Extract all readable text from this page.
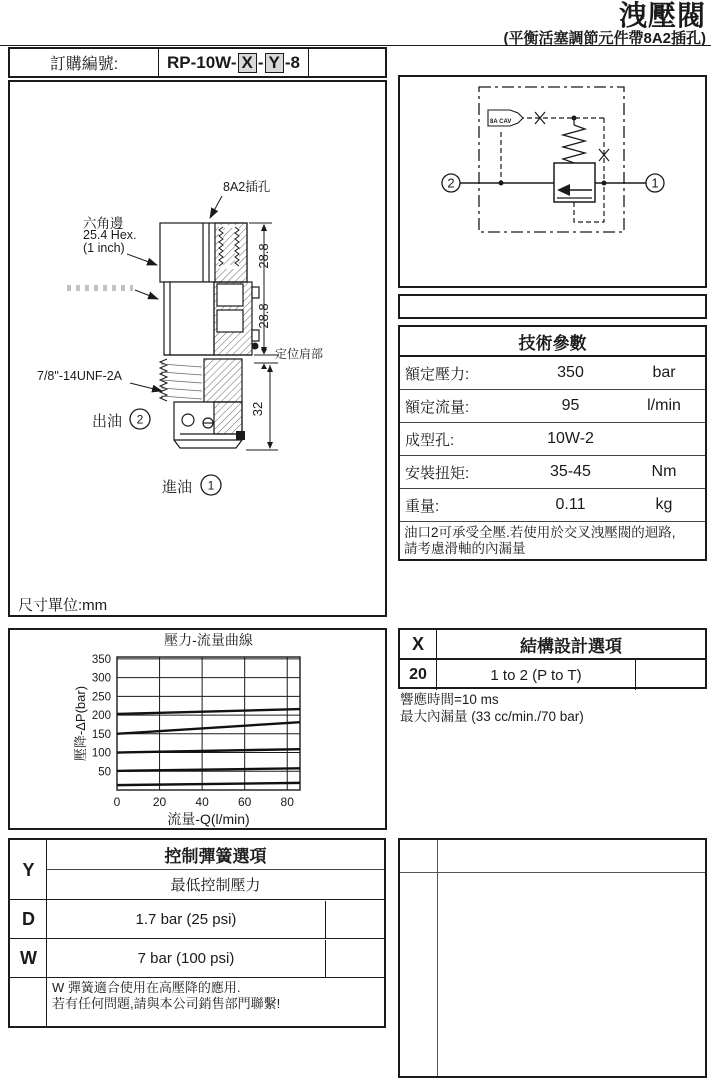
洩壓閥
(平衡活塞調節元件帶8A2插孔)
訂購編號:	RP-10W- X - Y -8
2
1
28.8
28.8
32
8A2插孔
六角邊
25.4 Hex.
(1 inch)
7/8"-14UNF-2A
出油
進油
定位肩部
尺寸單位:mm
50
100
150
200
250
300
350
0	20 40 60 80
壓力-流量曲線
流量-Q(l/min)
壓降-ΔP(bar)
8A CAV
2	1
技術參數
額定壓力:	350	bar
額定流量:	95	l/min
成型孔:	10W-2
安裝扭矩:	35-45	Nm
重量:	0.11	kg
油口2可承受全壓.若使用於交叉洩壓閥的迴路,
請考慮滑軸的內漏量
X	結構設計選項
20	1 to 2 (P to T)
響應時間=10 ms
最大內漏量 (33 cc/min./70 bar)
Y
控制彈簧選項
最低控制壓力
D	1.7 bar (25 psi)
W	7 bar (100 psi)
W 彈簧適合使用在高壓降的應用.
若有任何問題,請與本公司銷售部門聯繫!
